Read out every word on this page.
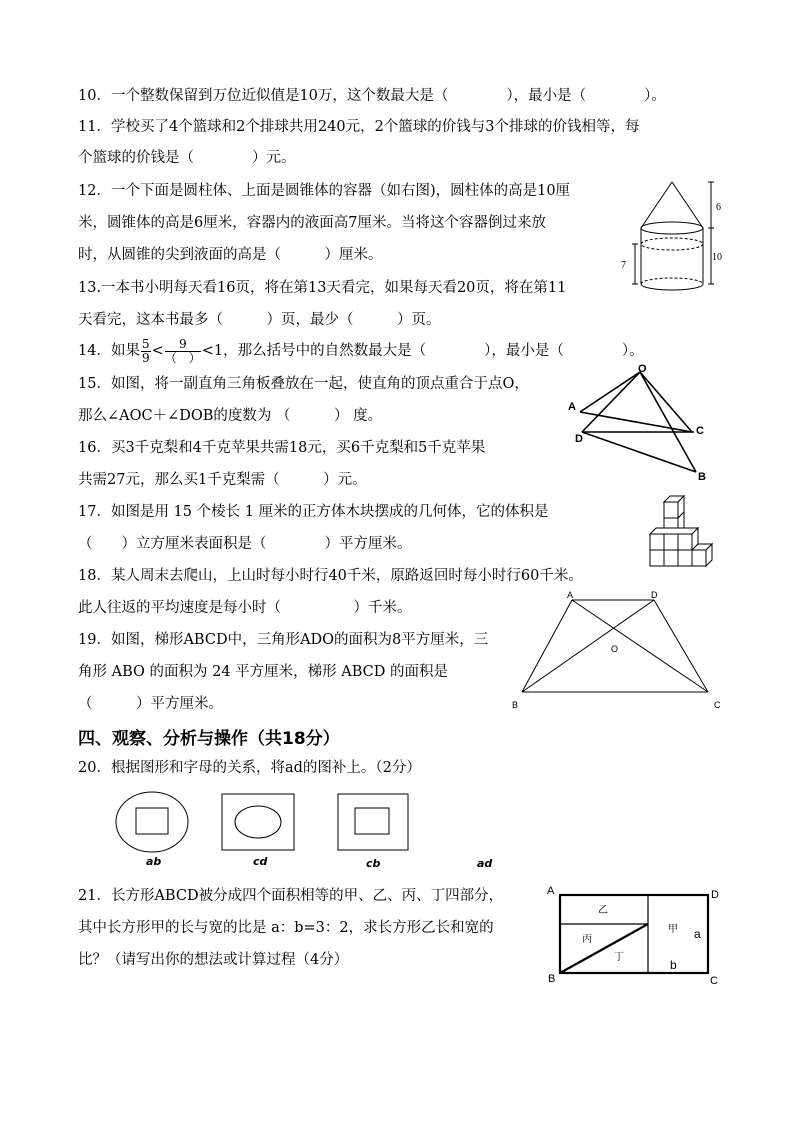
10．一个整数保留到万位近似值是10万，这个数最大是（　　　　），最小是（　　　　）。
11．学校买了4个篮球和2个排球共用240元，2个篮球的价钱与3个排球的价钱相等，每
个篮球的价钱是（　　　　）元。
12．一个下面是圆柱体、上面是圆锥体的容器（如右图)，圆柱体的高是10厘
米，圆锥体的高是6厘米，容器内的液面高7厘米。当将这个容器倒过来放
时，从圆锥的尖到液面的高是（　　　）厘米。
13.一本书小明每天看16页，将在第13天看完，如果每天看20页，将在第11
天看完，这本书最多（　　　）页，最少（　　　）页。
14．如果 $\frac{5}{9} < \frac{9}{( )} <1$，那么括号中的自然数最大是（　　　　），最小是（　　　　）。
15．如图，将一副直角三角板叠放在一起，使直角的顶点重合于点O，
那么∠AOC＋∠DOB的度数为 （　　　） 度。
16．买3千克梨和4千克苹果共需18元，买6千克梨和5千克苹果
共需27元，那么买1千克梨需（　　　）元。
17．如图是用 15 个棱长 1 厘米的正方体木块摆成的几何体，它的体积是
（　　）立方厘米表面积是（　　　　）平方厘米。
18．某人周末去爬山，上山时每小时行40千米，原路返回时每小时行60千米。
此人往返的平均速度是每小时（　　　　　）千米。
19．如图，梯形ABCD中，三角形ADO的面积为8平方厘米，三
角形 ABO 的面积为 24 平方厘米，梯形 ABCD 的面积是
（　　　）平方厘米。
四、观察、分析与操作（共18分）
20．根据图形和字母的关系，将ad的图补上。（2分）
21．长方形ABCD被分成四个面积相等的甲、乙、丙、丁四部分，
其中长方形甲的长与宽的比是 a：b=3：2，求长方形乙长和宽的
比？（请写出你的想法或计算过程（4分）
6
7
10
O
A
D
C
B
A	D
O
B	C
ab	cd	cb	ad
A	D
B	C
乙
丙
丁
甲 a
b
